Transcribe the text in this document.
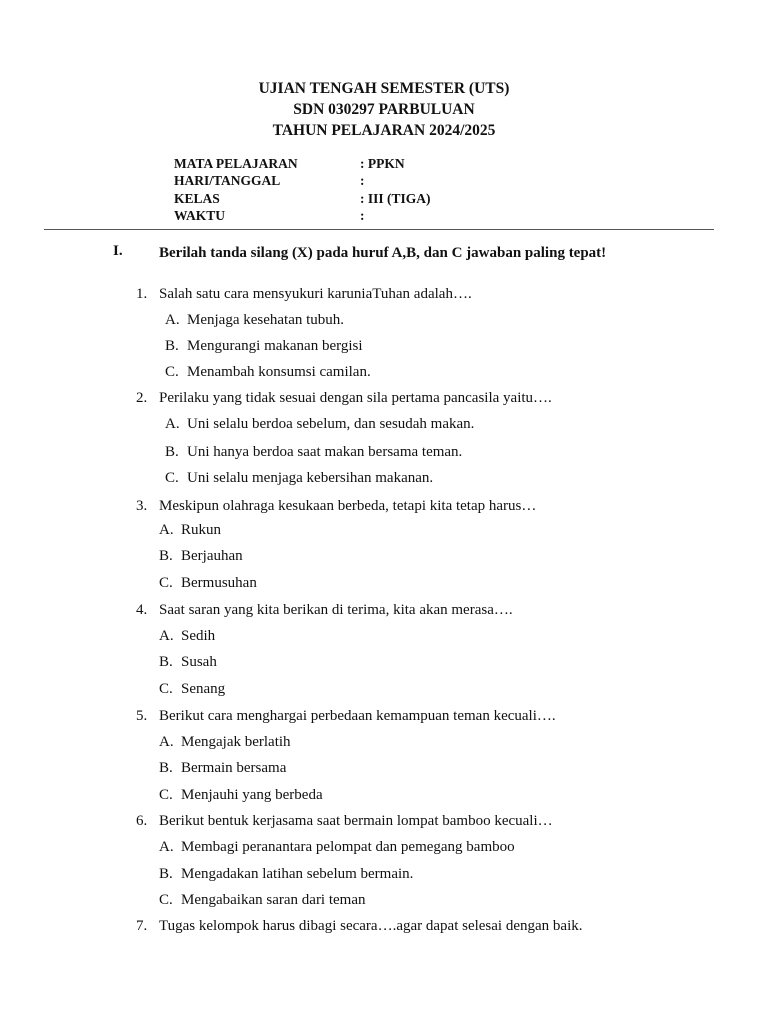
UJIAN TENGAH SEMESTER (UTS)
SDN 030297 PARBULUAN
TAHUN PELAJARAN 2024/2025
MATA PELAJARAN	: PPKN
HARI/TANGGAL	:
KELAS	: III (TIGA)
WAKTU	:
I. Berilah tanda silang (X) pada huruf A,B, dan C jawaban paling tepat!
1. Salah satu cara mensyukuri karuniaTuhan adalah….
A. Menjaga kesehatan tubuh.
B. Mengurangi makanan bergisi
C. Menambah konsumsi camilan.
2. Perilaku yang tidak sesuai dengan sila pertama pancasila yaitu….
A. Uni selalu berdoa sebelum, dan sesudah makan.
B. Uni hanya berdoa saat makan bersama teman.
C. Uni selalu menjaga kebersihan makanan.
3. Meskipun olahraga kesukaan berbeda, tetapi kita tetap harus…
A. Rukun
B. Berjauhan
C. Bermusuhan
4. Saat saran yang kita berikan di terima, kita akan merasa….
A. Sedih
B. Susah
C. Senang
5. Berikut cara menghargai perbedaan kemampuan teman kecuali….
A. Mengajak berlatih
B. Bermain bersama
C. Menjauhi yang berbeda
6. Berikut bentuk kerjasama saat bermain lompat bamboo kecuali…
A. Membagi peranantara pelompat dan pemegang bamboo
B. Mengadakan latihan sebelum bermain.
C. Mengabaikan saran dari teman
7. Tugas kelompok harus dibagi secara….agar dapat selesai dengan baik.
